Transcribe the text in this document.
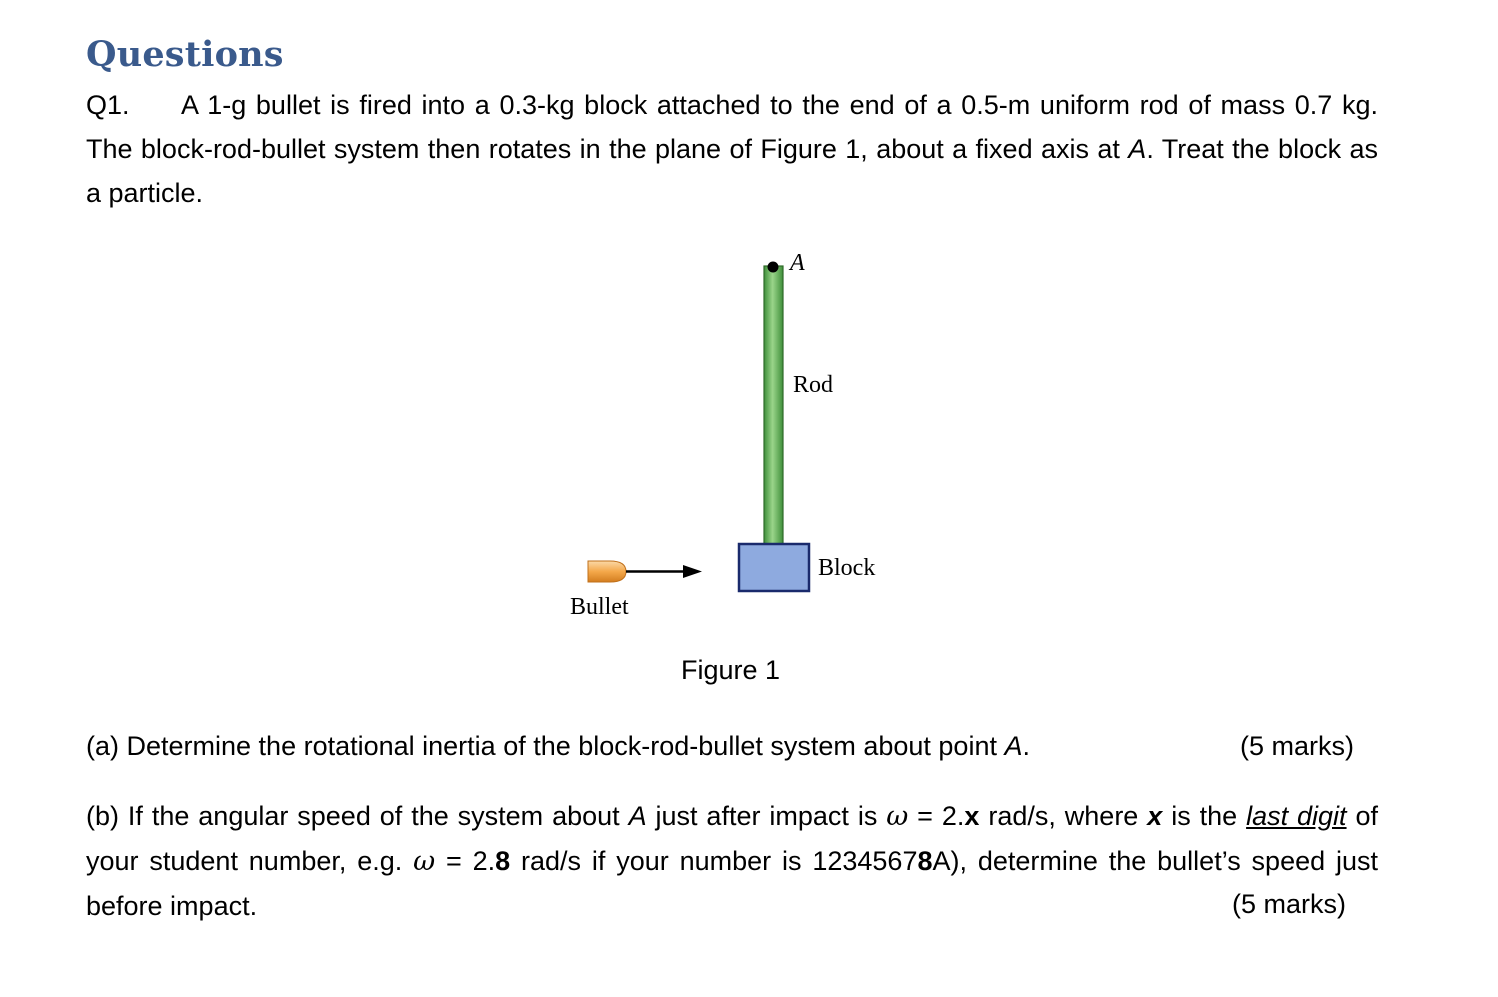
Questions
Q1. A 1-g bullet is fired into a 0.3-kg block attached to the end of a 0.5-m uniform rod of mass 0.7 kg. The block-rod-bullet system then rotates in the plane of Figure 1, about a fixed axis at A. Treat the block as a particle.
A
Rod
Block
Bullet
Figure 1
(a) Determine the rotational inertia of the block-rod-bullet system about point A.	(5 marks)
(b) If the angular speed of the system about A just after impact is ω = 2.x rad/s, where x is the last digit of your student number, e.g. ω = 2.8 rad/s if your number is 12345678A), determine the bullet’s speed just before impact.	(5 marks)
